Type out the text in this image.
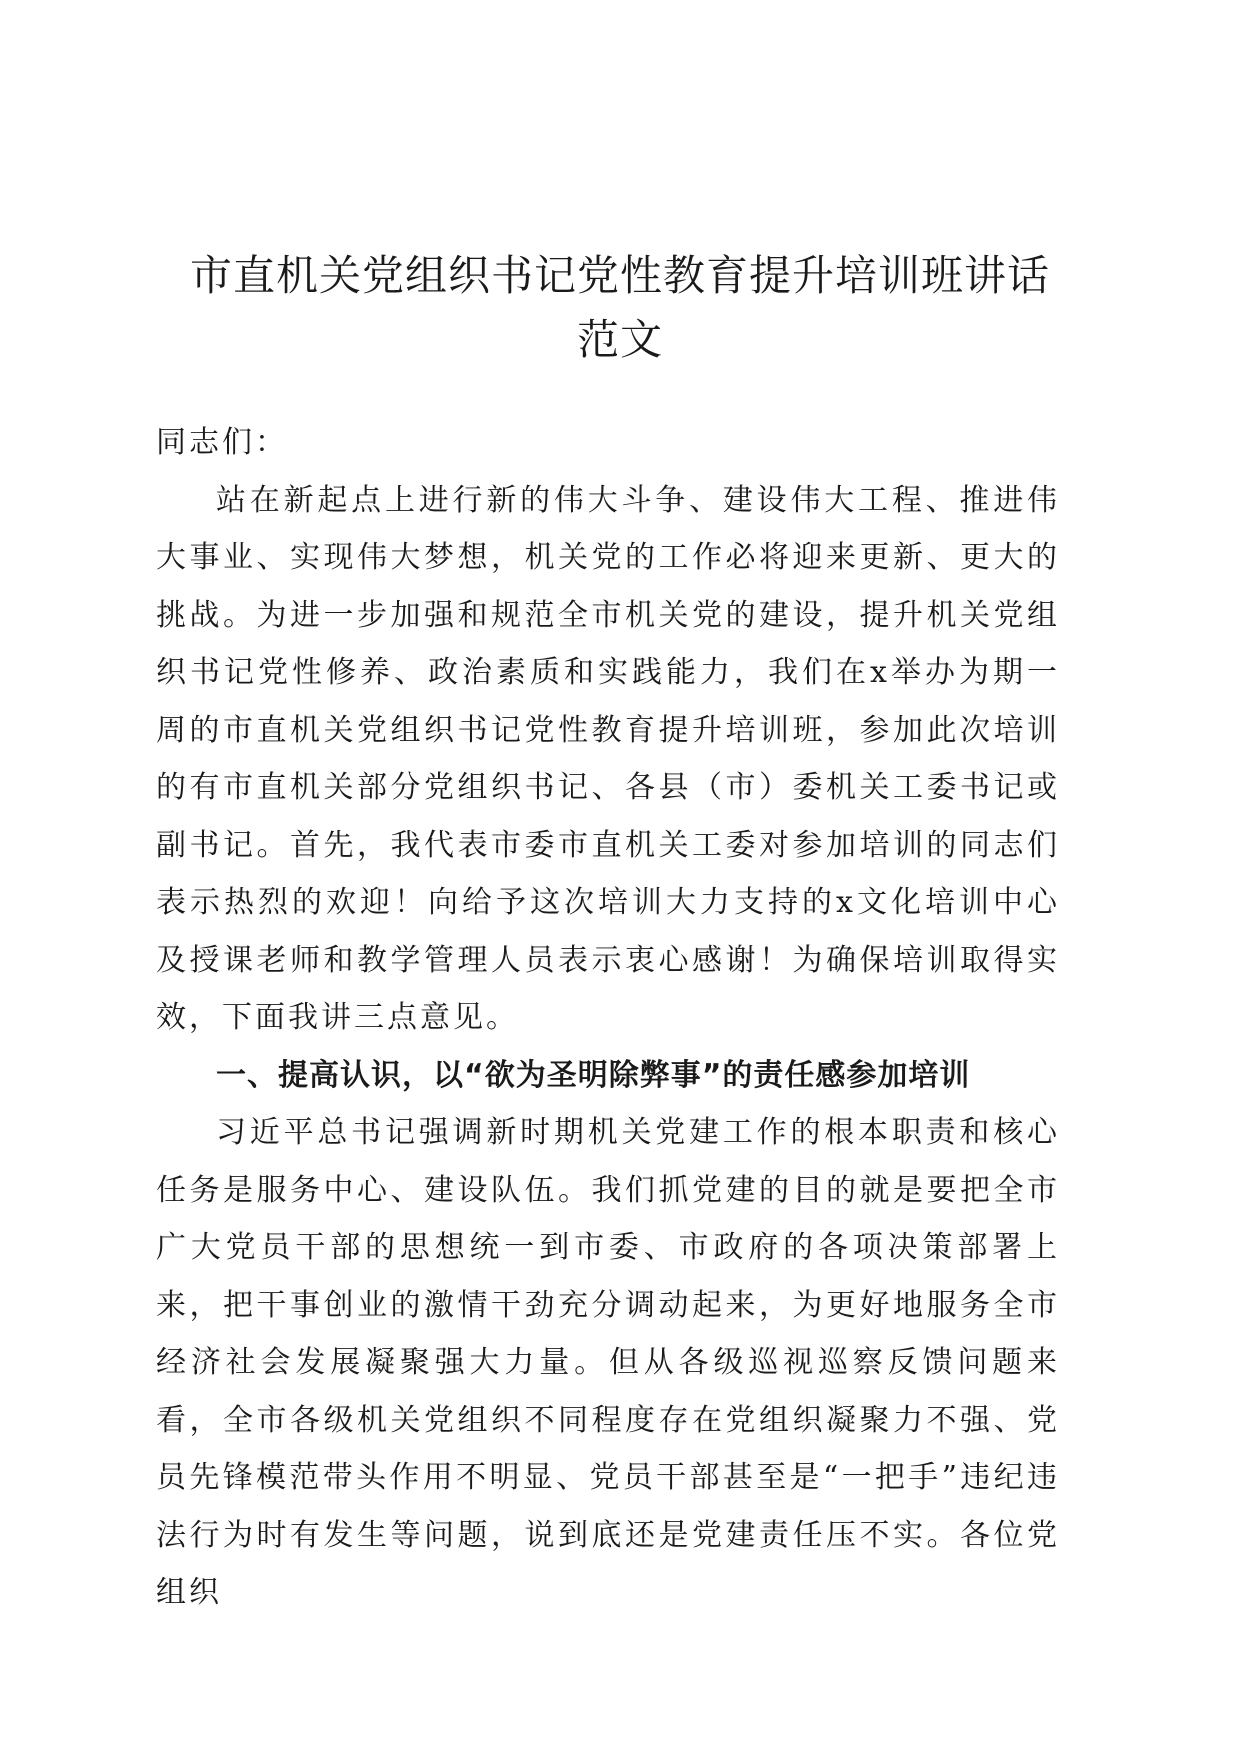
市直机关党组织书记党性教育提升培训班讲话
范文

同志们：

站在新起点上进行新的伟大斗争、建设伟大工程、推进伟大事业、实现伟大梦想，机关党的工作必将迎来更新、更大的挑战。为进一步加强和规范全市机关党的建设，提升机关党组织书记党性修养、政治素质和实践能力，我们在x举办为期一周的市直机关党组织书记党性教育提升培训班，参加此次培训的有市直机关部分党组织书记、各县（市）委机关工委书记或副书记。首先，我代表市委市直机关工委对参加培训的同志们表示热烈的欢迎！向给予这次培训大力支持的x文化培训中心及授课老师和教学管理人员表示衷心感谢！为确保培训取得实效，下面我讲三点意见。

一、提高认识，以“欲为圣明除弊事”的责任感参加培训

习近平总书记强调新时期机关党建工作的根本职责和核心任务是服务中心、建设队伍。我们抓党建的目的就是要把全市广大党员干部的思想统一到市委、市政府的各项决策部署上来，把干事创业的激情干劲充分调动起来，为更好地服务全市经济社会发展凝聚强大力量。但从各级巡视巡察反馈问题来看，全市各级机关党组织不同程度存在党组织凝聚力不强、党员先锋模范带头作用不明显、党员干部甚至是“一把手”违纪违法行为时有发生等问题，说到底还是党建责任压不实。各位党组织
